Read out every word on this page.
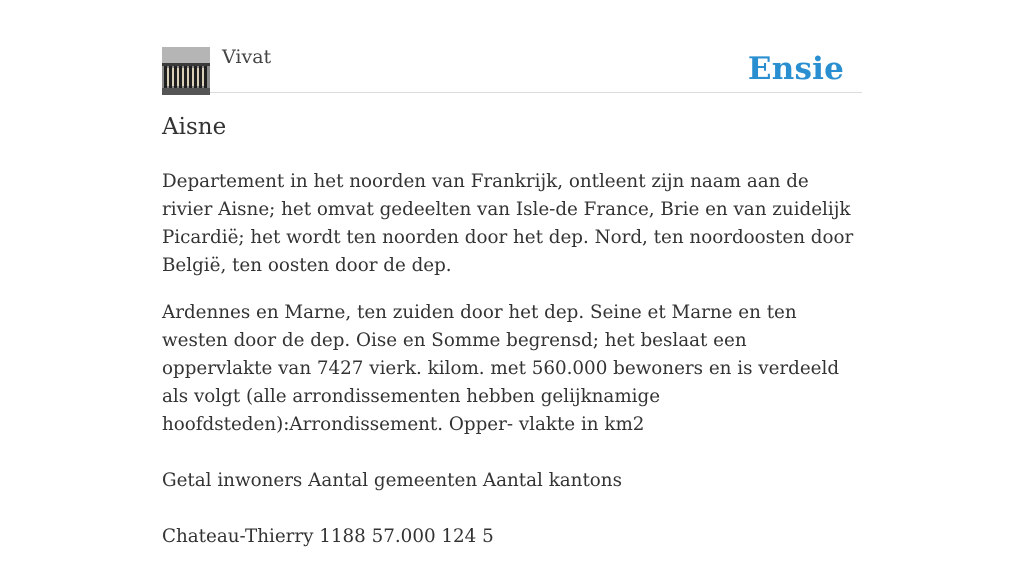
Vivat	Ensie
Aisne

Departement in het noorden van Frankrijk, ontleent zijn naam aan de rivier Aisne; het omvat gedeelten van Isle-de France, Brie en van zuidelijk Picardië; het wordt ten noorden door het dep. Nord, ten noordoosten door België, ten oosten door de dep.

Ardennes en Marne, ten zuiden door het dep. Seine et Marne en ten westen door de dep. Oise en Somme begrensd; het beslaat een oppervlakte van 7427 vierk. kilom. met 560.000 bewoners en is verdeeld als volgt (alle arrondissementen hebben gelijknamige hoofdsteden):Arrondissement. Opper- vlakte in km2

Getal inwoners Aantal gemeenten Aantal kantons

Chateau-Thierry 1188 57.000 124 5
